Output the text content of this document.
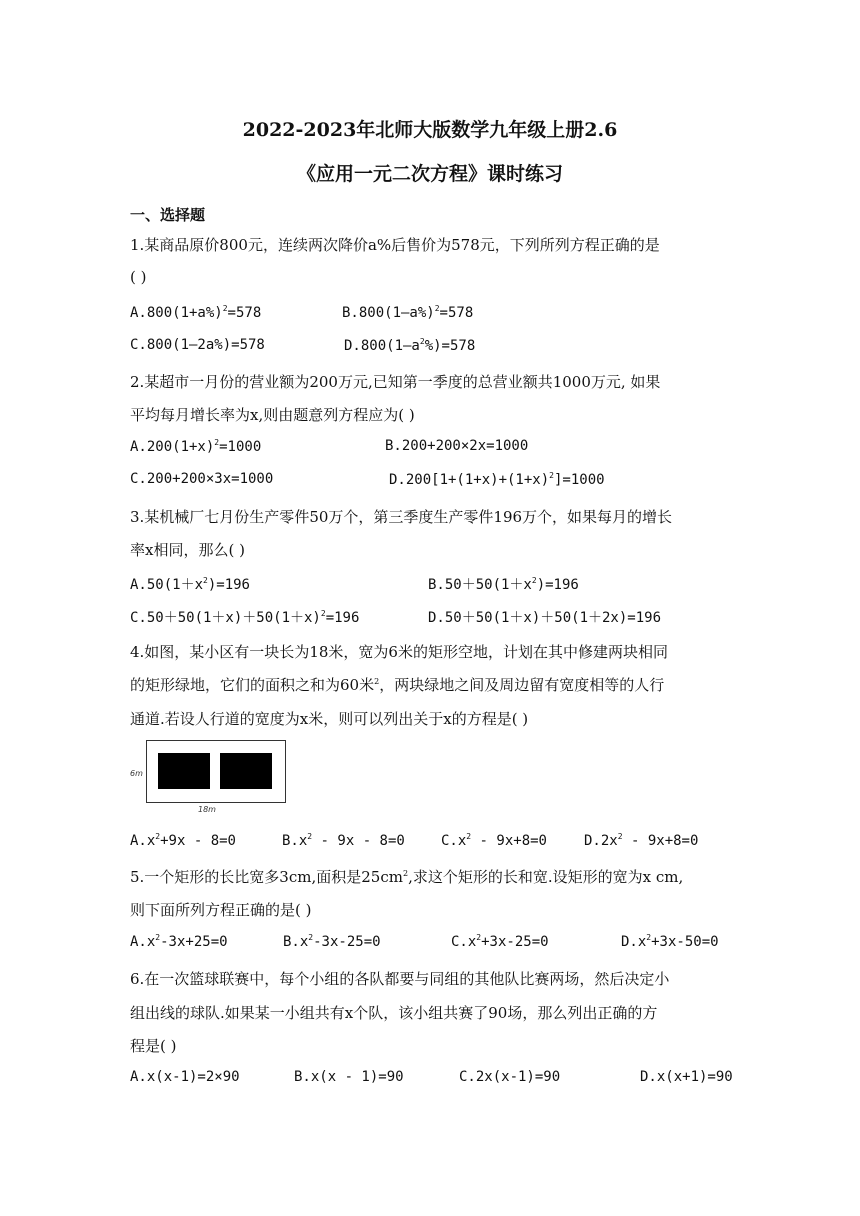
2022-2023年北师大版数学九年级上册2.6
《应用一元二次方程》课时练习
一、选择题
1.某商品原价800元，连续两次降价a%后售价为578元，下列所列方程正确的是
( )
$A.800(1+a\%)^2=578$	B.800(1—a%)$^2$=578
C.800(1—2a%)=578	$D.800(1—a^2\%)=578$
2.某超市一月份的营业额为200万元,已知第一季度的总营业额共1000万元, 如果
平均每月增长率为x,则由题意列方程应为( )
$A.200(1+x)^2=1000$	B.200+200×2x=1000
C.200+200×3x=1000	$D.200[1+(1+x)+(1+x)^2]=1000$
3.某机械厂七月份生产零件50万个，第三季度生产零件196万个，如果每月的增长
率x相同，那么( )
$A.50(1+x^2)=196$	$B.50+50(1+x^2)=196$
$C.50+50(1+x)+50(1+x)^2=196$	D.50＋50(1＋x)＋50(1＋2x)=196
4.如图，某小区有一块长为18米，宽为6米的矩形空地，计划在其中修建两块相同
的矩形绿地，它们的面积之和为60米$^2$，两块绿地之间及周边留有宽度相等的人行
通道.若设人行道的宽度为x米，则可以列出关于x的方程是( )
6m
18m
$A.x^2+9x - 8=0$	$B.x^2 - 9x - 8=0$	$C.x^2 - 9x+8=0$	$D.2x^2 - 9x+8=0$
5.一个矩形的长比宽多3cm,面积是$25cm^2$,求这个矩形的长和宽.设矩形的宽为x cm,
则下面所列方程正确的是( )
$A.x^2-3x+25=0$	$B.x^2-3x-25=0$	$C.x^2+3x-25=0$	$D.x^2+3x-50=0$
6.在一次篮球联赛中，每个小组的各队都要与同组的其他队比赛两场，然后决定小
组出线的球队.如果某一小组共有x个队，该小组共赛了90场，那么列出正确的方
程是( )
A.x(x-1)=2×90	B.x(x - 1)=90	C.2x(x-1)=90	D.x(x+1)=90
